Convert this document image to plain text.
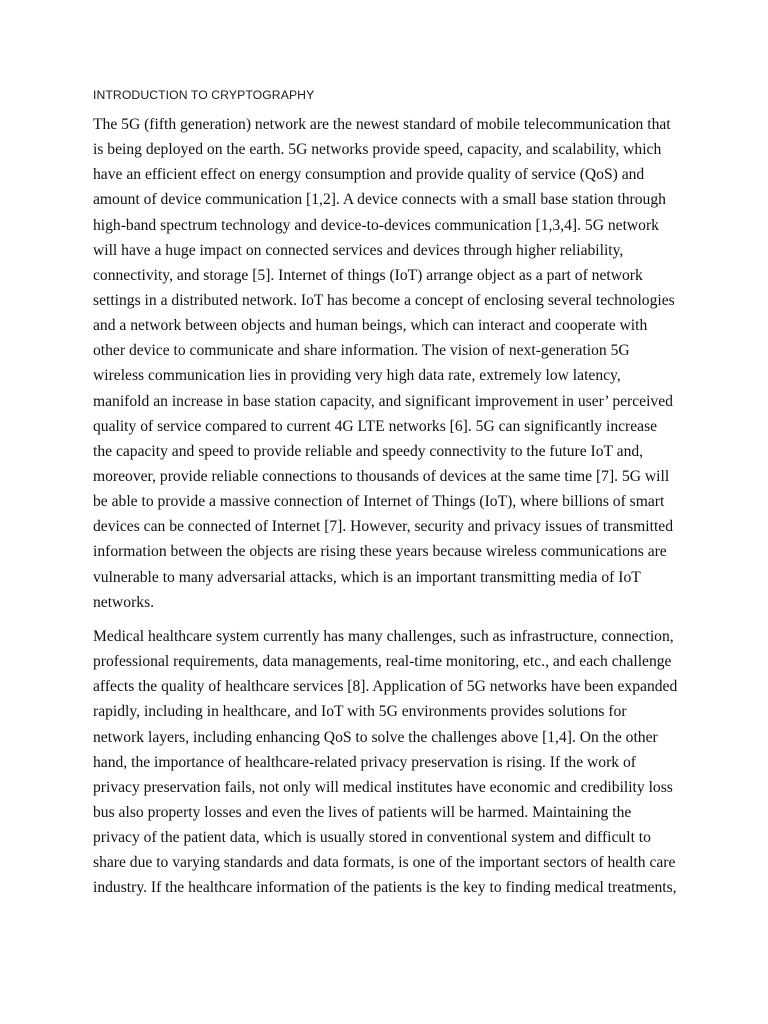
INTRODUCTION TO CRYPTOGRAPHY

The 5G (fifth generation) network are the newest standard of mobile telecommunication that
is being deployed on the earth. 5G networks provide speed, capacity, and scalability, which
have an efficient effect on energy consumption and provide quality of service (QoS) and
amount of device communication [1,2]. A device connects with a small base station through
high-band spectrum technology and device-to-devices communication [1,3,4]. 5G network
will have a huge impact on connected services and devices through higher reliability,
connectivity, and storage [5]. Internet of things (IoT) arrange object as a part of network
settings in a distributed network. IoT has become a concept of enclosing several technologies
and a network between objects and human beings, which can interact and cooperate with
other device to communicate and share information. The vision of next-generation 5G
wireless communication lies in providing very high data rate, extremely low latency,
manifold an increase in base station capacity, and significant improvement in user’ perceived
quality of service compared to current 4G LTE networks [6]. 5G can significantly increase
the capacity and speed to provide reliable and speedy connectivity to the future IoT and,
moreover, provide reliable connections to thousands of devices at the same time [7]. 5G will
be able to provide a massive connection of Internet of Things (IoT), where billions of smart
devices can be connected of Internet [7]. However, security and privacy issues of transmitted
information between the objects are rising these years because wireless communications are
vulnerable to many adversarial attacks, which is an important transmitting media of IoT
networks.

Medical healthcare system currently has many challenges, such as infrastructure, connection,
professional requirements, data managements, real-time monitoring, etc., and each challenge
affects the quality of healthcare services [8]. Application of 5G networks have been expanded
rapidly, including in healthcare, and IoT with 5G environments provides solutions for
network layers, including enhancing QoS to solve the challenges above [1,4]. On the other
hand, the importance of healthcare-related privacy preservation is rising. If the work of
privacy preservation fails, not only will medical institutes have economic and credibility loss
bus also property losses and even the lives of patients will be harmed. Maintaining the
privacy of the patient data, which is usually stored in conventional system and difficult to
share due to varying standards and data formats, is one of the important sectors of health care
industry. If the healthcare information of the patients is the key to finding medical treatments,
